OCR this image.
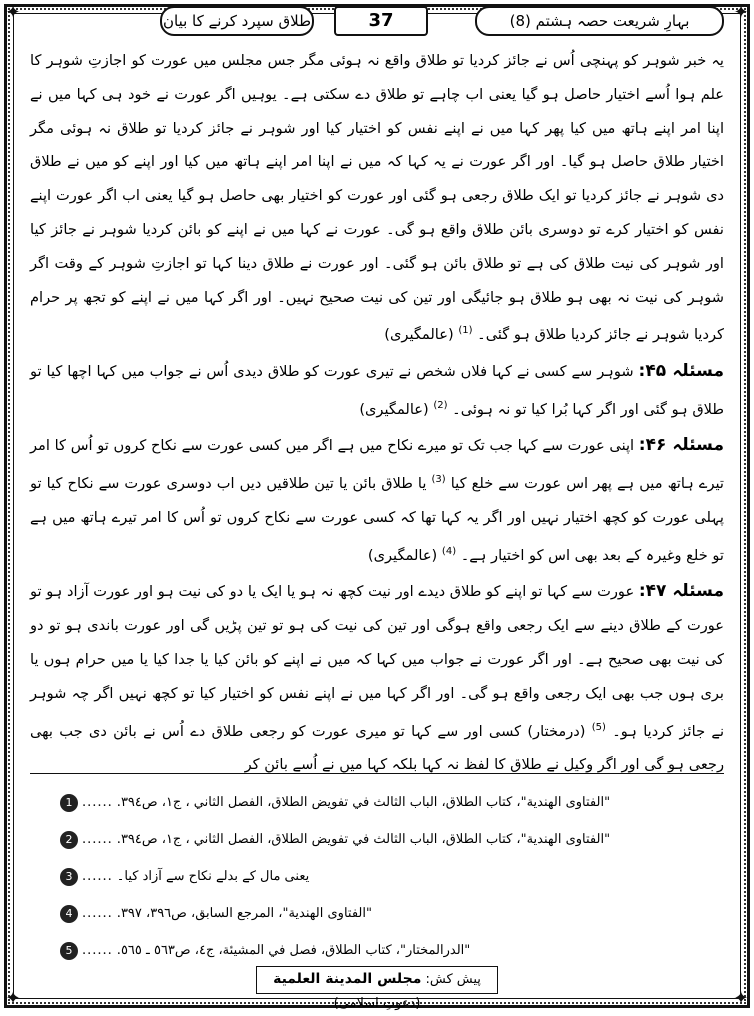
✦	✦
✦	✦
بہارِ شریعت حصہ ہشتم (8)
37
طلاق سپرد کرنے کا بیان

یہ خبر شوہر کو پہنچی اُس نے جائز کردیا تو طلاق واقع نہ ہوئی مگر جس مجلس میں عورت کو اجازتِ شوہر کا علم ہوا اُسے اختیار حاصل ہو گیا یعنی اب چاہے تو طلاق دے سکتی ہے۔ یوہیں اگر عورت نے خود ہی کہا میں نے اپنا امر اپنے ہاتھ میں کیا پھر کہا میں نے اپنے نفس کو اختیار کیا اور شوہر نے جائز کردیا تو طلاق نہ ہوئی مگر اختیار طلاق حاصل ہو گیا۔ اور اگر عورت نے یہ کہا کہ میں نے اپنا امر اپنے ہاتھ میں کیا اور اپنے کو میں نے طلاق دی شوہر نے جائز کردیا تو ایک طلاق رجعی ہو گئی اور عورت کو اختیار بھی حاصل ہو گیا یعنی اب اگر عورت اپنے نفس کو اختیار کرے تو دوسری بائن طلاق واقع ہو گی۔ عورت نے کہا میں نے اپنے کو بائن کردیا شوہر نے جائز کیا اور شوہر کی نیت طلاق کی ہے تو طلاق بائن ہو گئی۔ اور عورت نے طلاق دینا کہا تو اجازتِ شوہر کے وقت اگر شوہر کی نیت نہ بھی ہو طلاق ہو جائیگی اور تین کی نیت صحیح نہیں۔ اور اگر کہا میں نے اپنے کو تجھ پر حرام کردیا شوہر نے جائز کردیا طلاق ہو گئی۔ $^{(1)}$ (عالمگیری)

مسئلہ ۴۵: شوہر سے کسی نے کہا فلاں شخص نے تیری عورت کو طلاق دیدی اُس نے جواب میں کہا اچھا کیا تو طلاق ہو گئی اور اگر کہا بُرا کیا تو نہ ہوئی۔ $^{(2)}$ (عالمگیری)

مسئلہ ۴۶: اپنی عورت سے کہا جب تک تو میرے نکاح میں ہے اگر میں کسی عورت سے نکاح کروں تو اُس کا امر تیرے ہاتھ میں ہے پھر اس عورت سے خلع کیا $^{(3)}$ یا طلاق بائن یا تین طلاقیں دیں اب دوسری عورت سے نکاح کیا تو پہلی عورت کو کچھ اختیار نہیں اور اگر یہ کہا تھا کہ کسی عورت سے نکاح کروں تو اُس کا امر تیرے ہاتھ میں ہے تو خلع وغیرہ کے بعد بھی اس کو اختیار ہے۔ $^{(4)}$ (عالمگیری)

مسئلہ ۴۷: عورت سے کہا تو اپنے کو طلاق دیدے اور نیت کچھ نہ ہو یا ایک یا دو کی نیت ہو اور عورت آزاد ہو تو عورت کے طلاق دینے سے ایک رجعی واقع ہوگی اور تین کی نیت کی ہو تو تین پڑیں گی اور عورت باندی ہو تو دو کی نیت بھی صحیح ہے۔ اور اگر عورت نے جواب میں کہا کہ میں نے اپنے کو بائن کیا یا جدا کیا یا میں حرام ہوں یا بری ہوں جب بھی ایک رجعی واقع ہو گی۔ اور اگر کہا میں نے اپنے نفس کو اختیار کیا تو کچھ نہیں اگر چہ شوہر نے جائز کردیا ہو۔ $^{(5)}$ (درمختار) کسی اور سے کہا تو میری عورت کو رجعی طلاق دے اُس نے بائن دی جب بھی رجعی ہو گی اور اگر وکیل نے طلاق کا لفظ نہ کہا بلکہ کہا میں نے اُسے بائن کر

1 ...... "الفتاوی الهندية"، كتاب الطلاق، الباب الثالث في تفويض الطلاق، الفصل الثاني ، ج١، ص٣٩٤.
2 ...... "الفتاوی الهندية"، كتاب الطلاق، الباب الثالث في تفويض الطلاق، الفصل الثاني ، ج١، ص٣٩٤.
3 ...... یعنی مال کے بدلے نکاح سے آزاد کیا۔
4 ...... "الفتاوی الهندية"، المرجع السابق، ص٣٩٦، ٣٩٧.
5 ...... "الدرالمختار"، كتاب الطلاق، فصل في المشيئة، ج٤، ص٥٦٣ ـ ٥٦٥.
پیش کش: مجلس المدينة العلمية (دعوتِ اسلامی)
